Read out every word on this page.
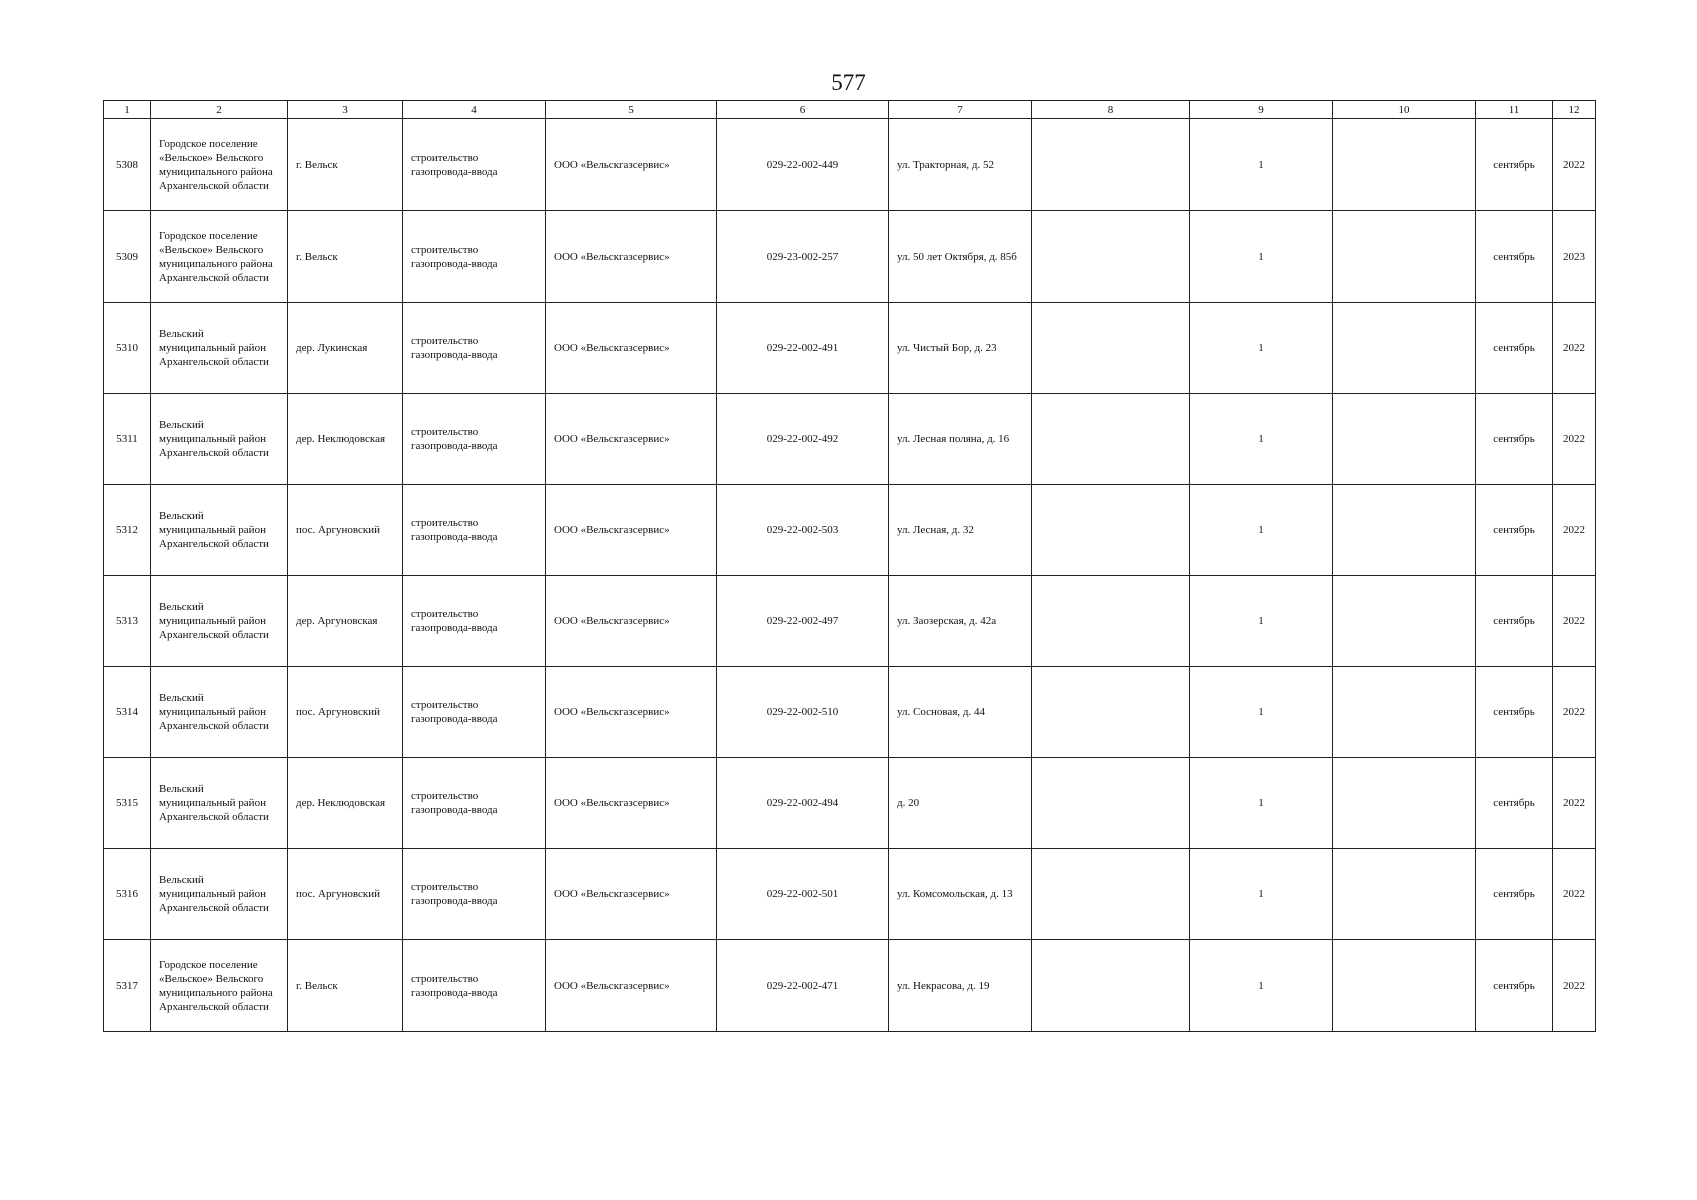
577
1	2	3	4	5	6	7	8	9	10	11	12
5308	Городское поселение «Вельское» Вельского муниципального района Архангельской области	г. Вельск	строительство газопровода-ввода	ООО «Вельскгазсервис»	029-22-002-449	ул. Тракторная, д. 52		1		сентябрь	2022
5309	Городское поселение «Вельское» Вельского муниципального района Архангельской области	г. Вельск	строительство газопровода-ввода	ООО «Вельскгазсервис»	029-23-002-257	ул. 50 лет Октября, д. 85б		1		сентябрь	2023
5310	Вельский муниципальный район Архангельской области	дер. Лукинская	строительство газопровода-ввода	ООО «Вельскгазсервис»	029-22-002-491	ул. Чистый Бор, д. 23		1		сентябрь	2022
5311	Вельский муниципальный район Архангельской области	дер. Неклюдовская	строительство газопровода-ввода	ООО «Вельскгазсервис»	029-22-002-492	ул. Лесная поляна, д. 16		1		сентябрь	2022
5312	Вельский муниципальный район Архангельской области	пос. Аргуновский	строительство газопровода-ввода	ООО «Вельскгазсервис»	029-22-002-503	ул. Лесная, д. 32		1		сентябрь	2022
5313	Вельский муниципальный район Архангельской области	дер. Аргуновская	строительство газопровода-ввода	ООО «Вельскгазсервис»	029-22-002-497	ул. Заозерская, д. 42а		1		сентябрь	2022
5314	Вельский муниципальный район Архангельской области	пос. Аргуновский	строительство газопровода-ввода	ООО «Вельскгазсервис»	029-22-002-510	ул. Сосновая, д. 44		1		сентябрь	2022
5315	Вельский муниципальный район Архангельской области	дер. Неклюдовская	строительство газопровода-ввода	ООО «Вельскгазсервис»	029-22-002-494	д. 20		1		сентябрь	2022
5316	Вельский муниципальный район Архангельской области	пос. Аргуновский	строительство газопровода-ввода	ООО «Вельскгазсервис»	029-22-002-501	ул. Комсомольская, д. 13		1		сентябрь	2022
5317	Городское поселение «Вельское» Вельского муниципального района Архангельской области	г. Вельск	строительство газопровода-ввода	ООО «Вельскгазсервис»	029-22-002-471	ул. Некрасова, д. 19		1		сентябрь	2022
